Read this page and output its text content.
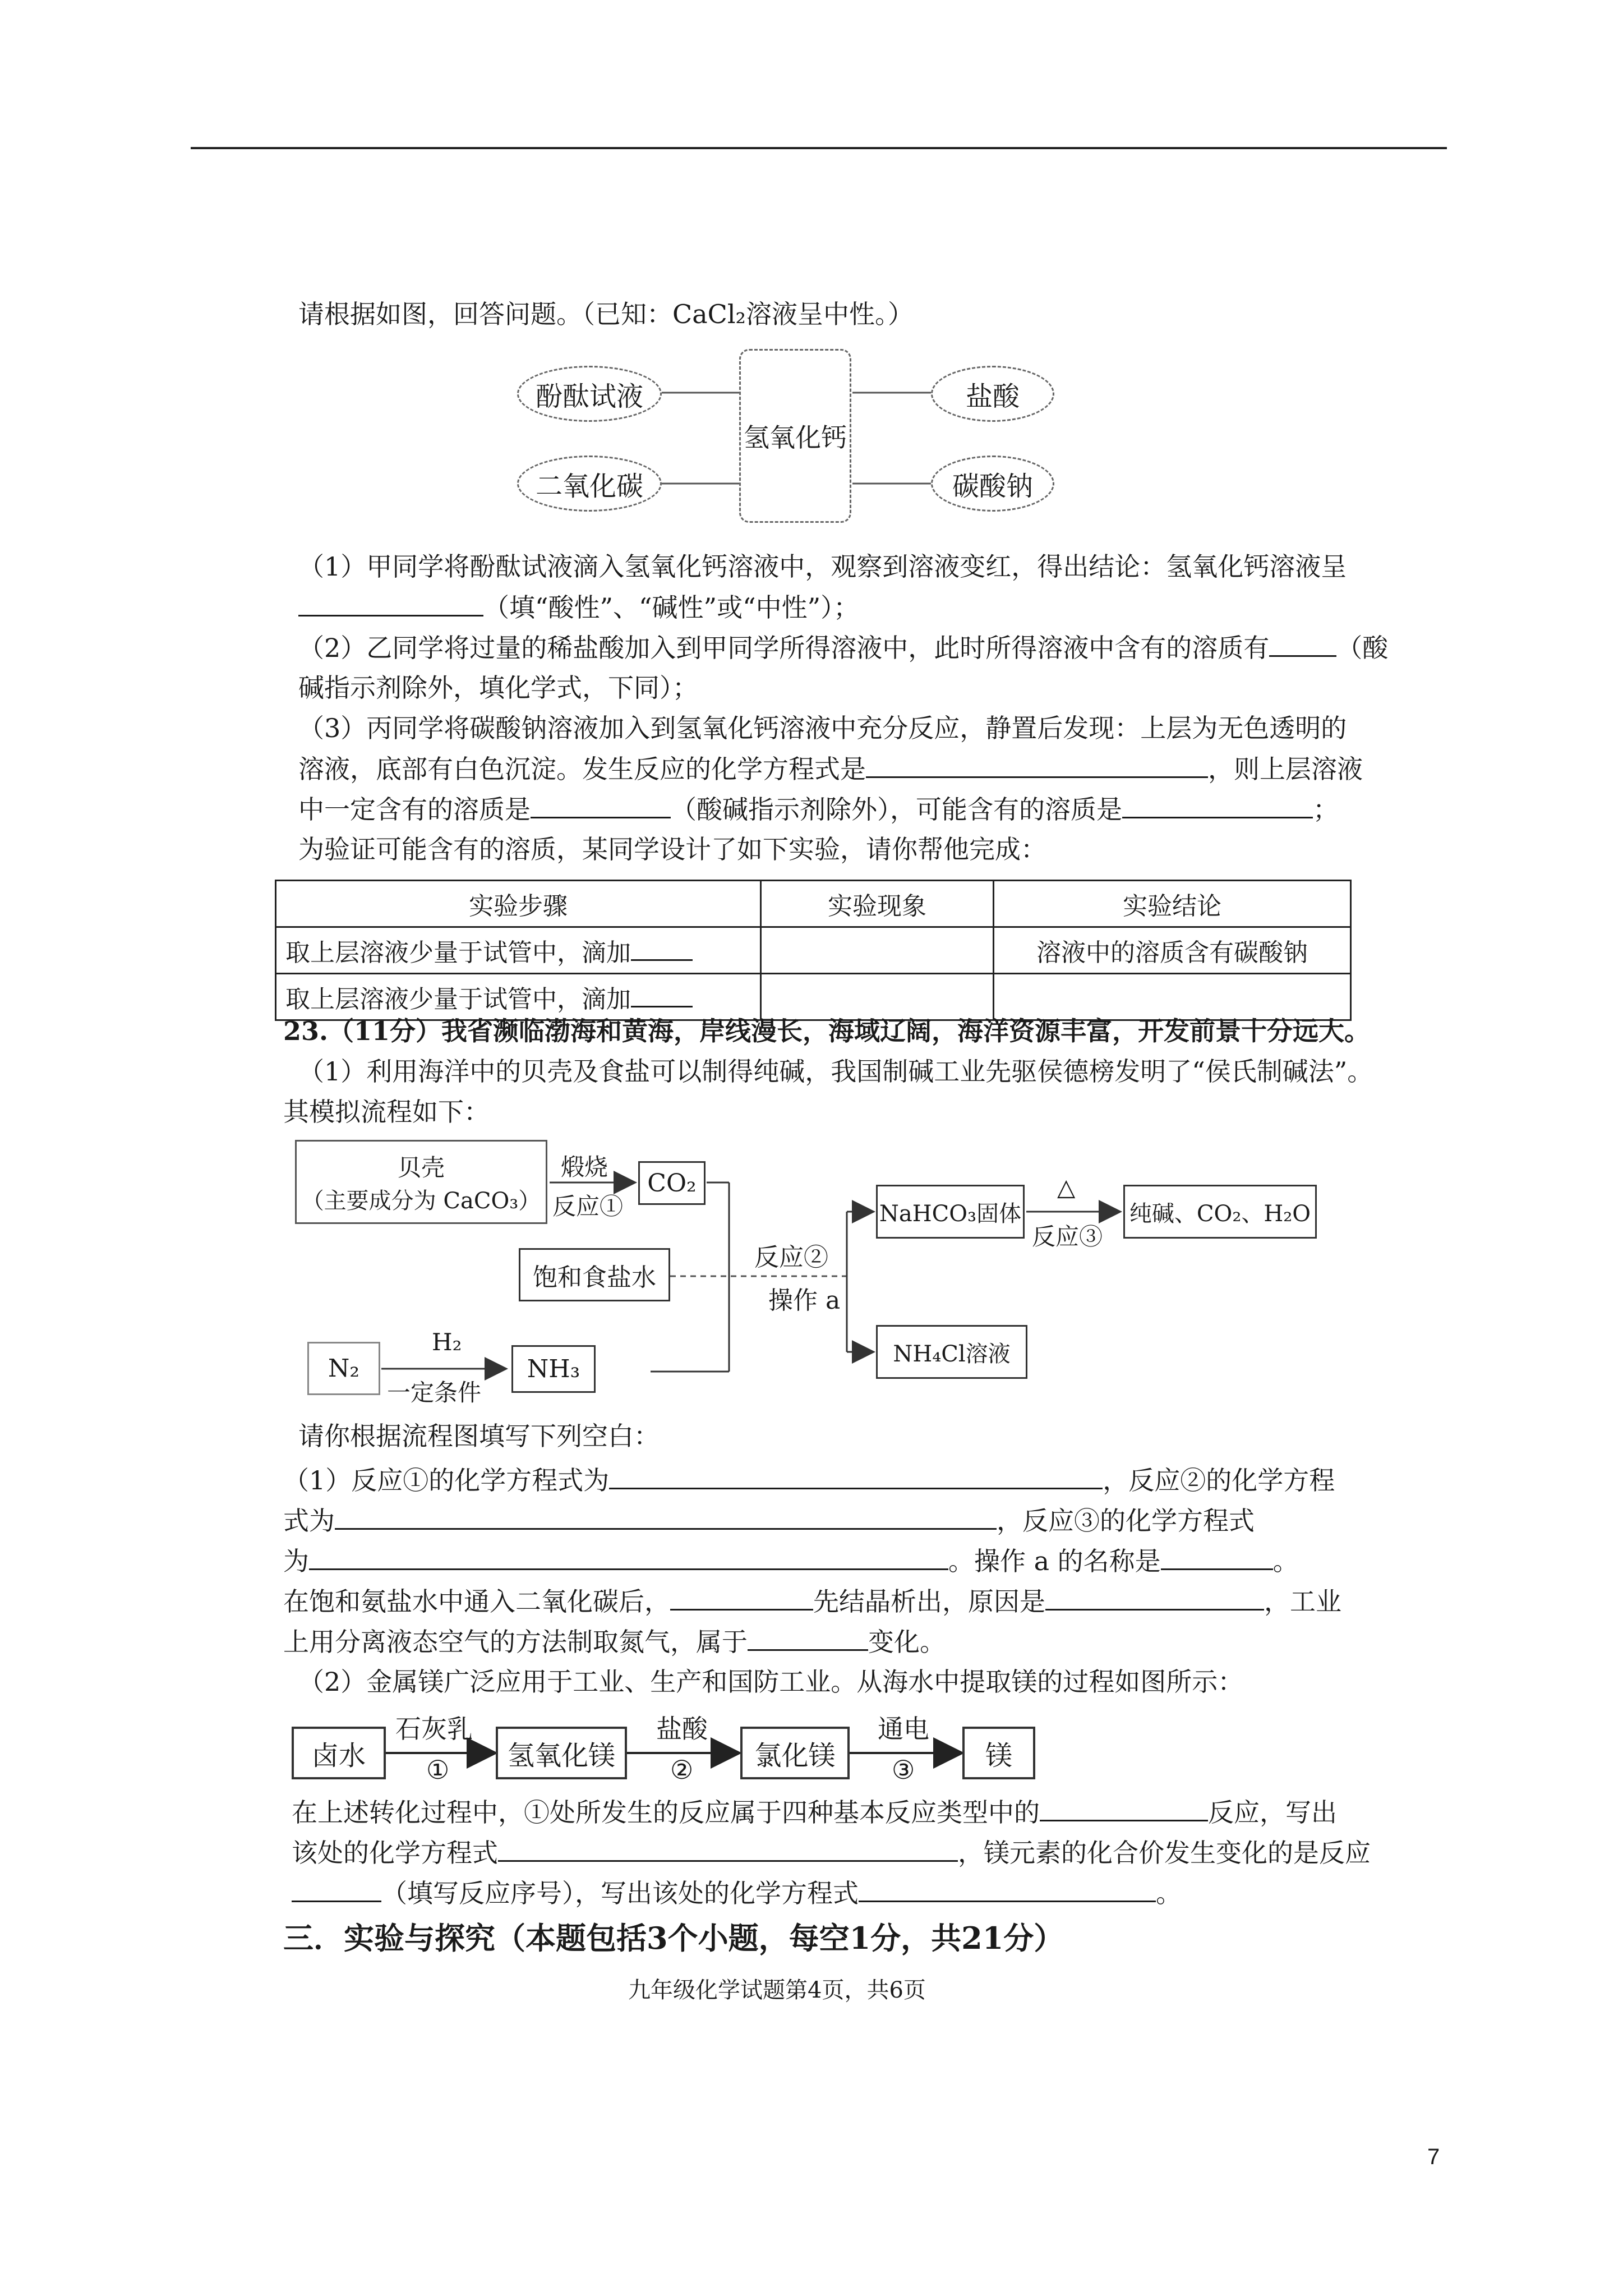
请根据如图，回答问题。（已知：CaCl₂溶液呈中性。）
氢氧化钙
酚酞试液
二氧化碳
盐酸
碳酸钠
（1）甲同学将酚酞试液滴入氢氧化钙溶液中，观察到溶液变红，得出结论：氢氧化钙溶液呈
（填“酸性”、“碱性”或“中性”）；
（2）乙同学将过量的稀盐酸加入到甲同学所得溶液中，此时所得溶液中含有的溶质有	（酸
碱指示剂除外，填化学式，下同）；
（3）丙同学将碳酸钠溶液加入到氢氧化钙溶液中充分反应，静置后发现：上层为无色透明的
溶液，底部有白色沉淀。发生反应的化学方程式是	，则上层溶液
中一定含有的溶质是	（酸碱指示剂除外），可能含有的溶质是	；
为验证可能含有的溶质，某同学设计了如下实验，请你帮他完成：
实验步骤	实验现象	实验结论
取上层溶液少量于试管中，滴加		溶液中的溶质含有碳酸钠
取上层溶液少量于试管中，滴加		
23.（11分）我省濒临渤海和黄海，岸线漫长，海域辽阔，海洋资源丰富，开发前景十分远大。
（1）利用海洋中的贝壳及食盐可以制得纯碱，我国制碱工业先驱侯德榜发明了“侯氏制碱法”。
其模拟流程如下：
贝壳
（主要成分为 CaCO₃）
煅烧
反应①
CO₂
饱和食盐水
反应②
操作 a
N₂
H₂
一定条件
NH₃
NaHCO₃固体
△
反应③
纯碱、CO₂、H₂O
NH₄Cl溶液
请你根据流程图填写下列空白：
（1）反应①的化学方程式为	，反应②的化学方程
式为	，反应③的化学方程式
为	。操作 a 的名称是	。
在饱和氨盐水中通入二氧化碳后，	先结晶析出，原因是	，工业
上用分离液态空气的方法制取氮气，属于	变化。
（2）金属镁广泛应用于工业、生产和国防工业。从海水中提取镁的过程如图所示：
卤水
石灰乳
①	氢氧化镁
盐酸
②	氯化镁
通电
③	镁
在上述转化过程中，①处所发生的反应属于四种基本反应类型中的	反应，写出
该处的化学方程式	，镁元素的化合价发生变化的是反应
（填写反应序号），写出该处的化学方程式	。
三．实验与探究（本题包括3个小题，每空1分，共21分）
九年级化学试题第4页，共6页
7
